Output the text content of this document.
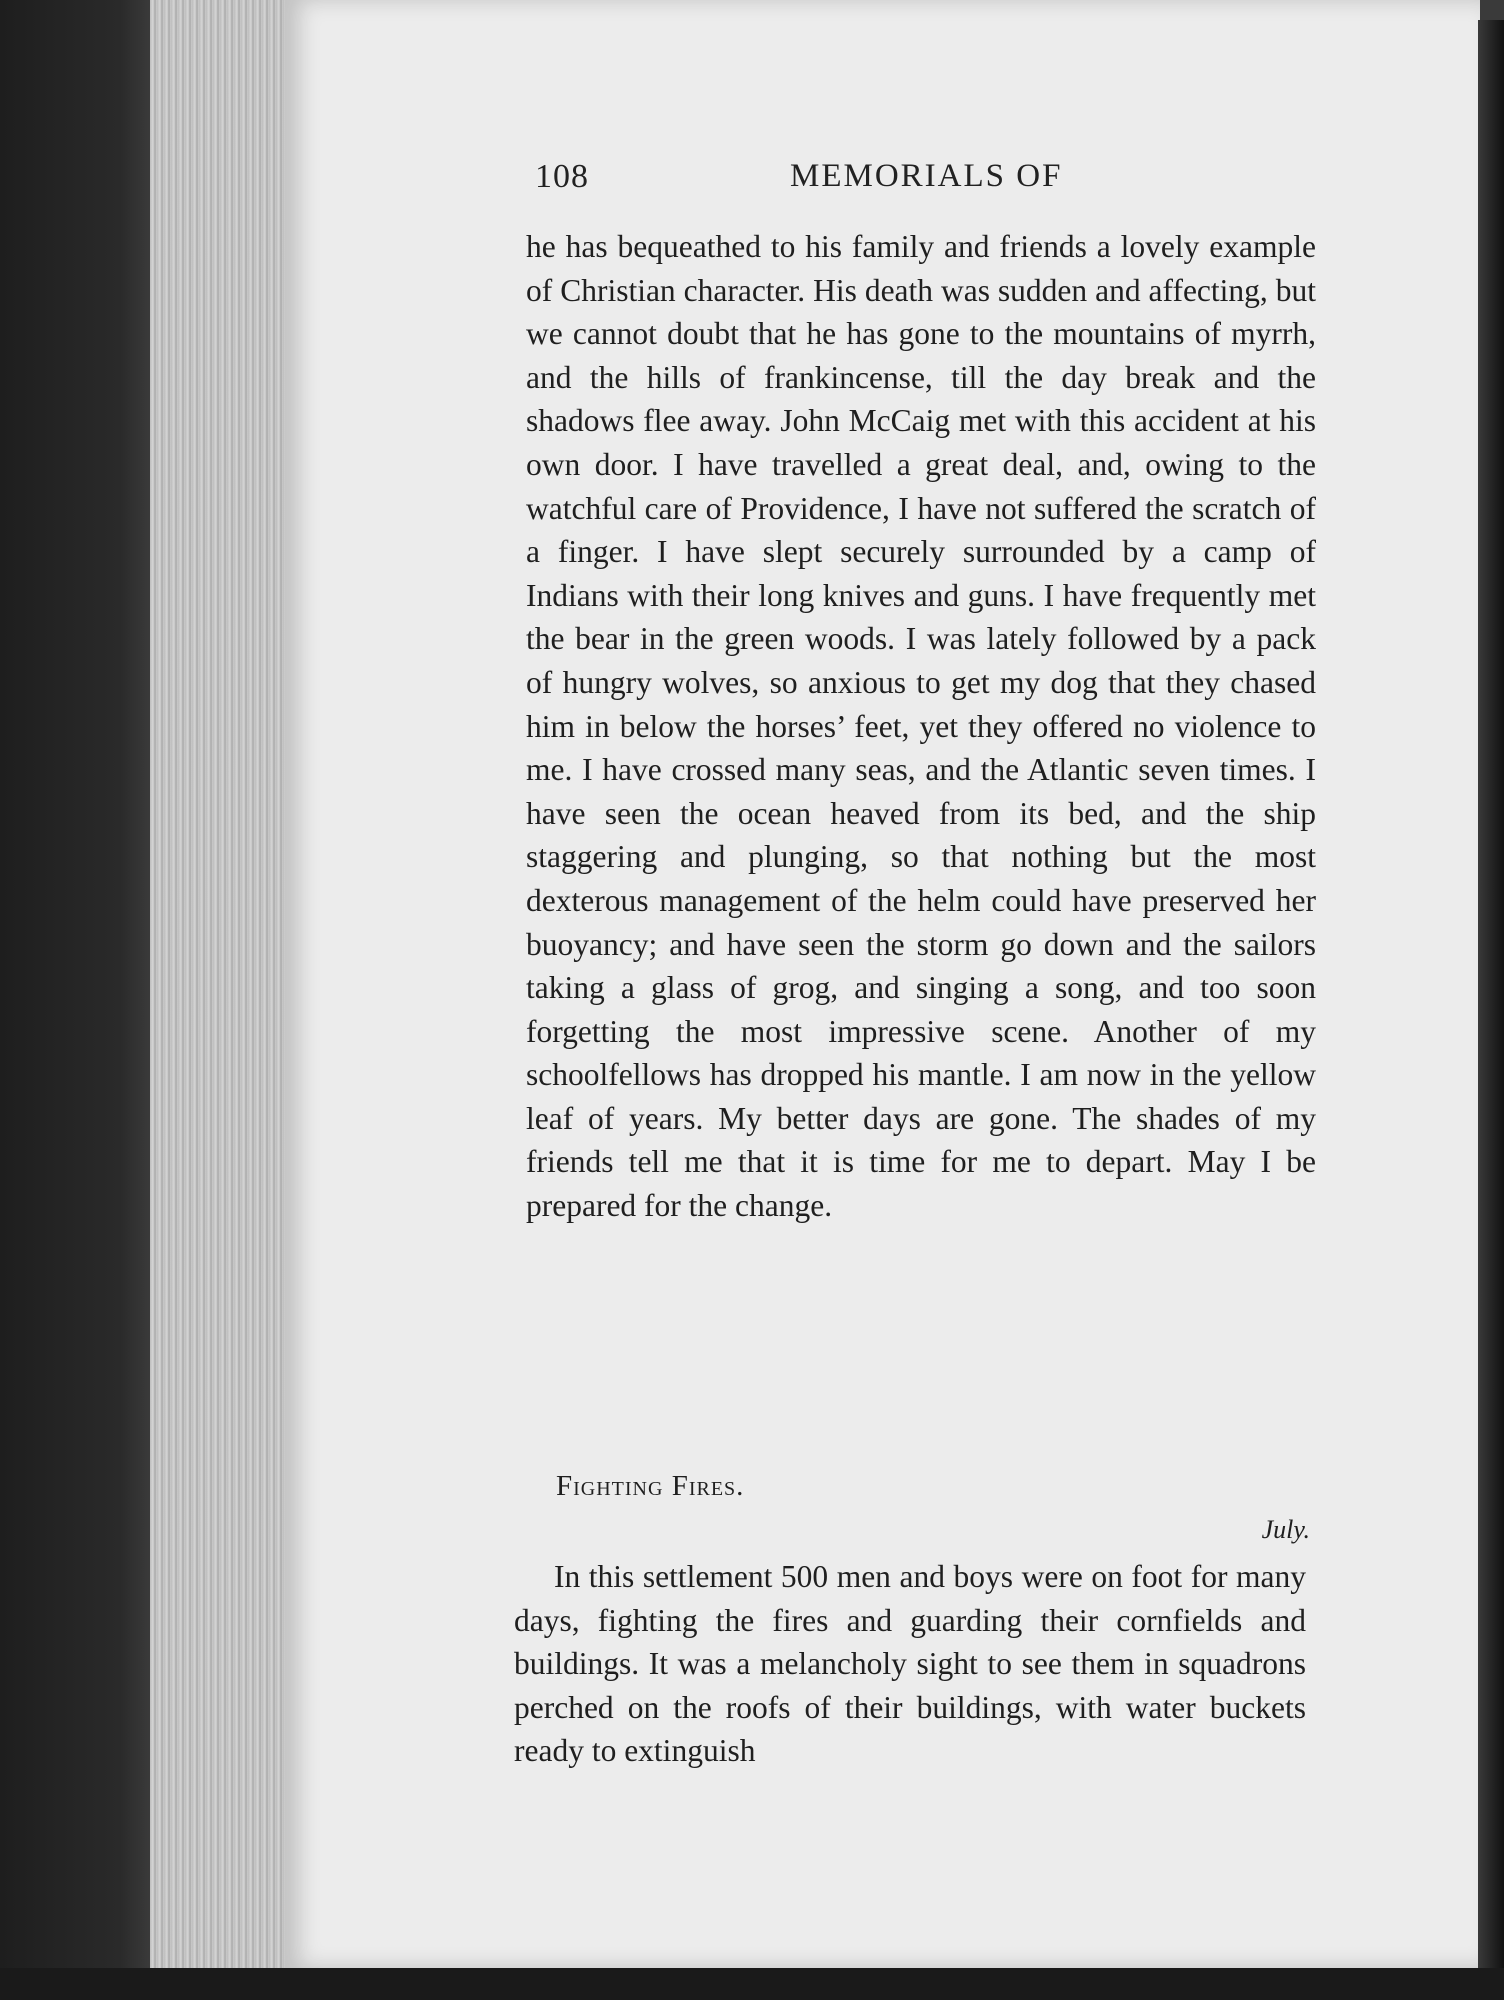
108	MEMORIALS OF

he has bequeathed to his family and friends a lovely example of Christian character. His death was sudden and affecting, but we cannot doubt that he has gone to the mountains of myrrh, and the hills of frankincense, till the day break and the shadows flee away. John McCaig met with this accident at his own door. I have travelled a great deal, and, owing to the watchful care of Providence, I have not suffered the scratch of a finger. I have slept securely surrounded by a camp of Indians with their long knives and guns. I have frequently met the bear in the green woods. I was lately followed by a pack of hungry wolves, so anxious to get my dog that they chased him in below the horses’ feet, yet they offered no violence to me. I have crossed many seas, and the Atlantic seven times. I have seen the ocean heaved from its bed, and the ship staggering and plunging, so that nothing but the most dexterous management of the helm could have preserved her buoyancy; and have seen the storm go down and the sailors taking a glass of grog, and singing a song, and too soon forgetting the most impressive scene. Another of my schoolfellows has dropped his mantle. I am now in the yellow leaf of years. My better days are gone. The shades of my friends tell me that it is time for me to depart. May I be prepared for the change.

Fighting Fires.
July.

In this settlement 500 men and boys were on foot for many days, fighting the fires and guarding their cornfields and buildings. It was a melancholy sight to see them in squadrons perched on the roofs of their buildings, with water buckets ready to extinguish
